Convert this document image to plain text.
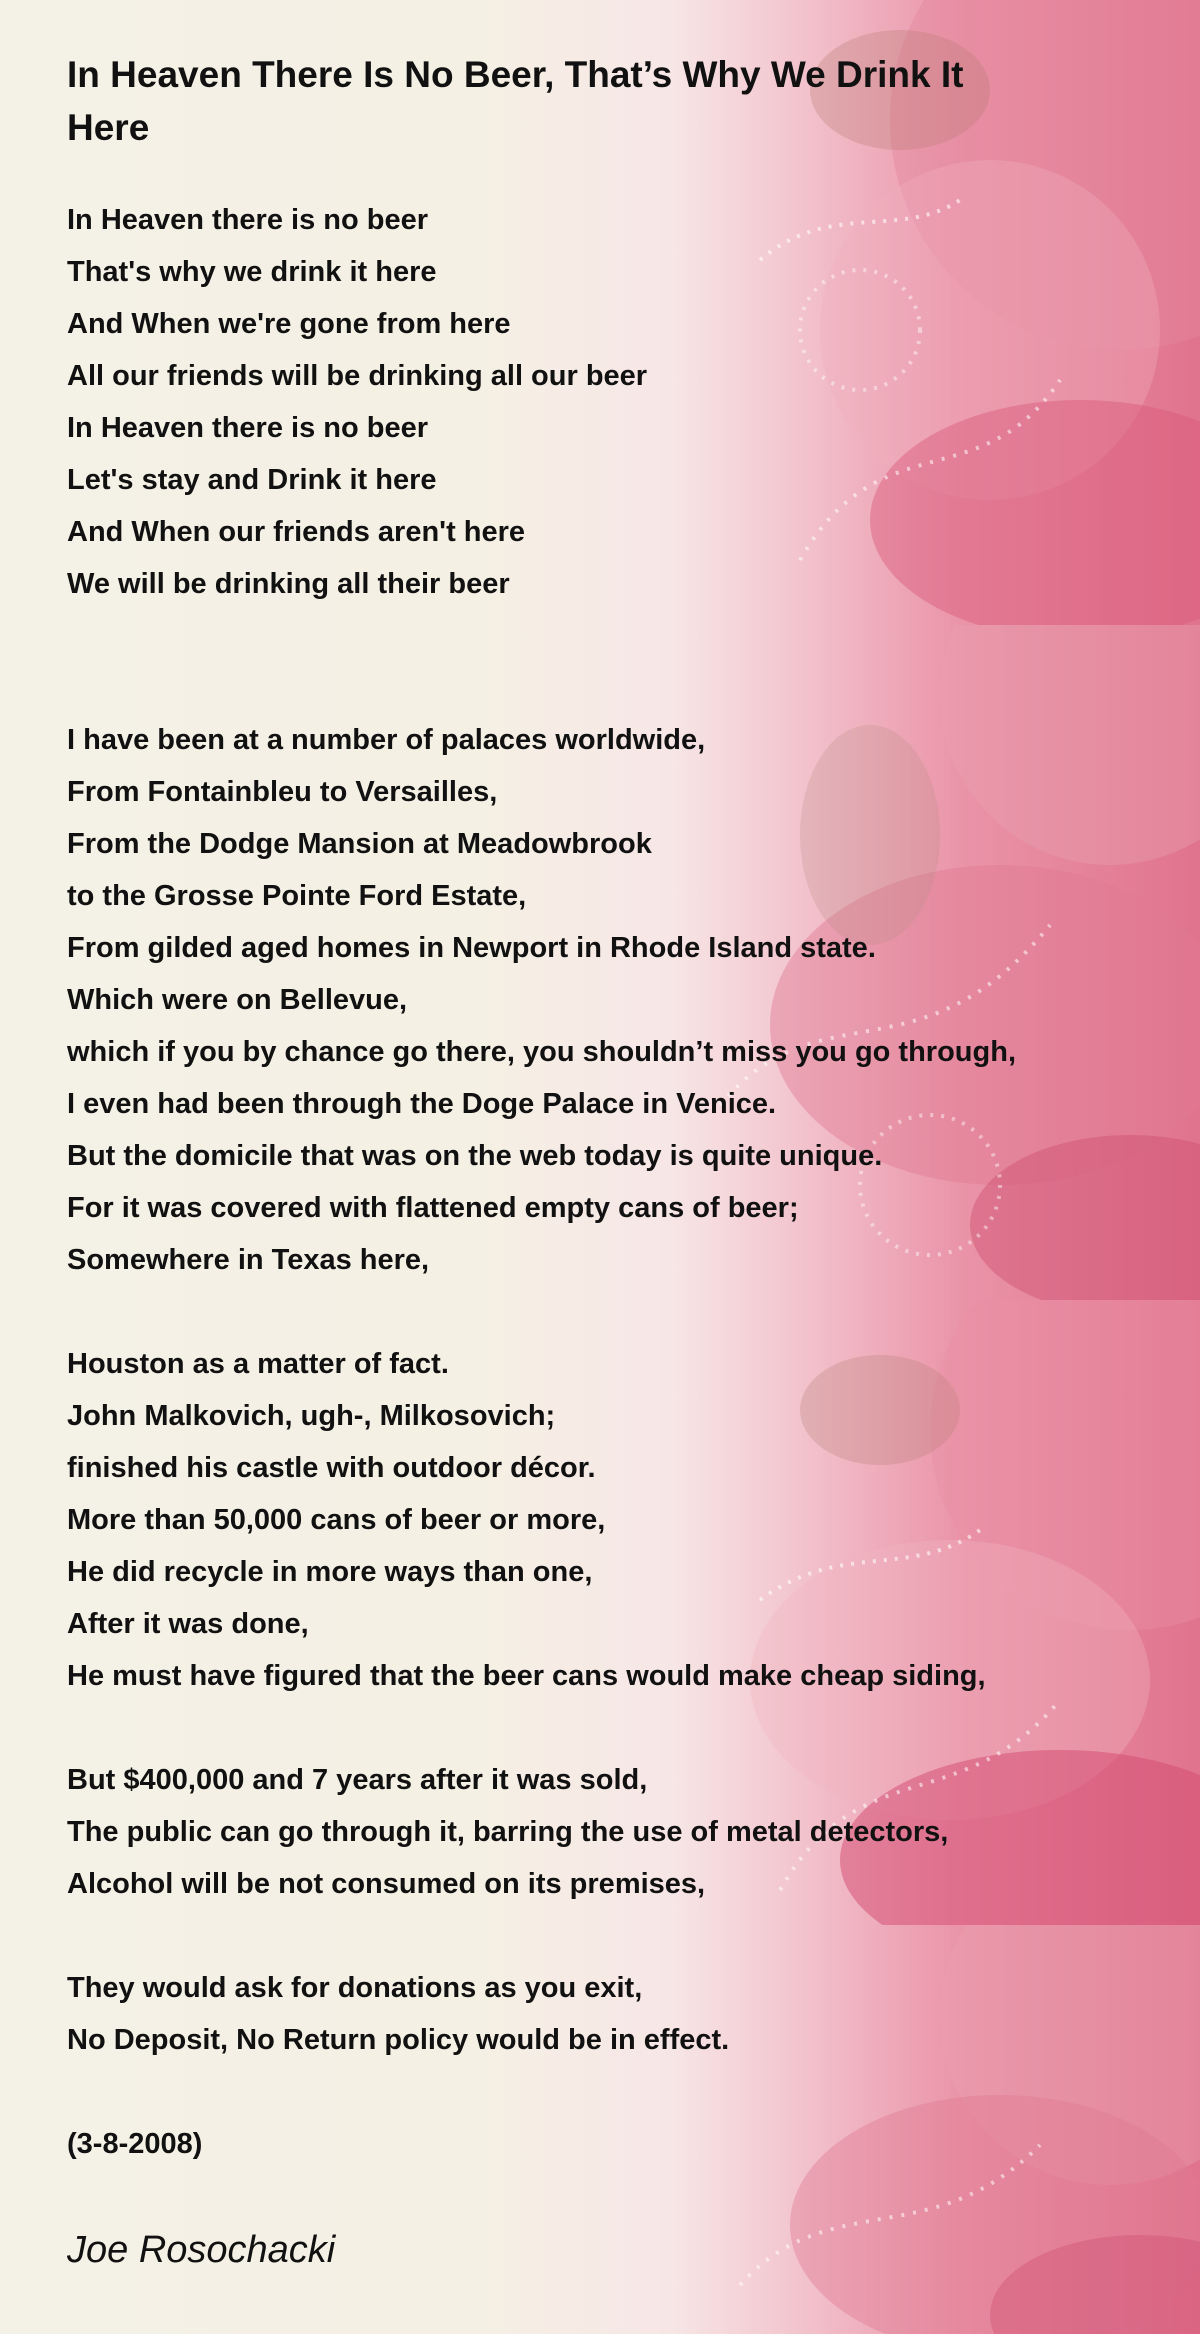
In Heaven There Is No Beer, That’s Why We Drink It Here
In Heaven there is no beer
That's why we drink it here
And When we're gone from here
All our friends will be drinking all our beer
In Heaven there is no beer
Let's stay and Drink it here
And When our friends aren't here
We will be drinking all their beer
I have been at a number of palaces worldwide,
From Fontainbleu to Versailles,
From the Dodge Mansion at Meadowbrook
to the Grosse Pointe Ford Estate,
From gilded aged homes in Newport in Rhode Island state.
Which were on Bellevue,
which if you by chance go there, you shouldn’t miss you go through,
I even had been through the Doge Palace in Venice.
But the domicile that was on the web today is quite unique.
For it was covered with flattened empty cans of beer;
Somewhere in Texas here,
Houston as a matter of fact.
John Malkovich, ugh-, Milkosovich;
finished his castle with outdoor décor.
More than 50,000 cans of beer or more,
He did recycle in more ways than one,
After it was done,
He must have figured that the beer cans would make cheap siding,
But $400,000 and 7 years after it was sold,
The public can go through it, barring the use of metal detectors,
Alcohol will be not consumed on its premises,
They would ask for donations as you exit,
No Deposit, No Return policy would be in effect.
(3-8-2008)
Joe Rosochacki
